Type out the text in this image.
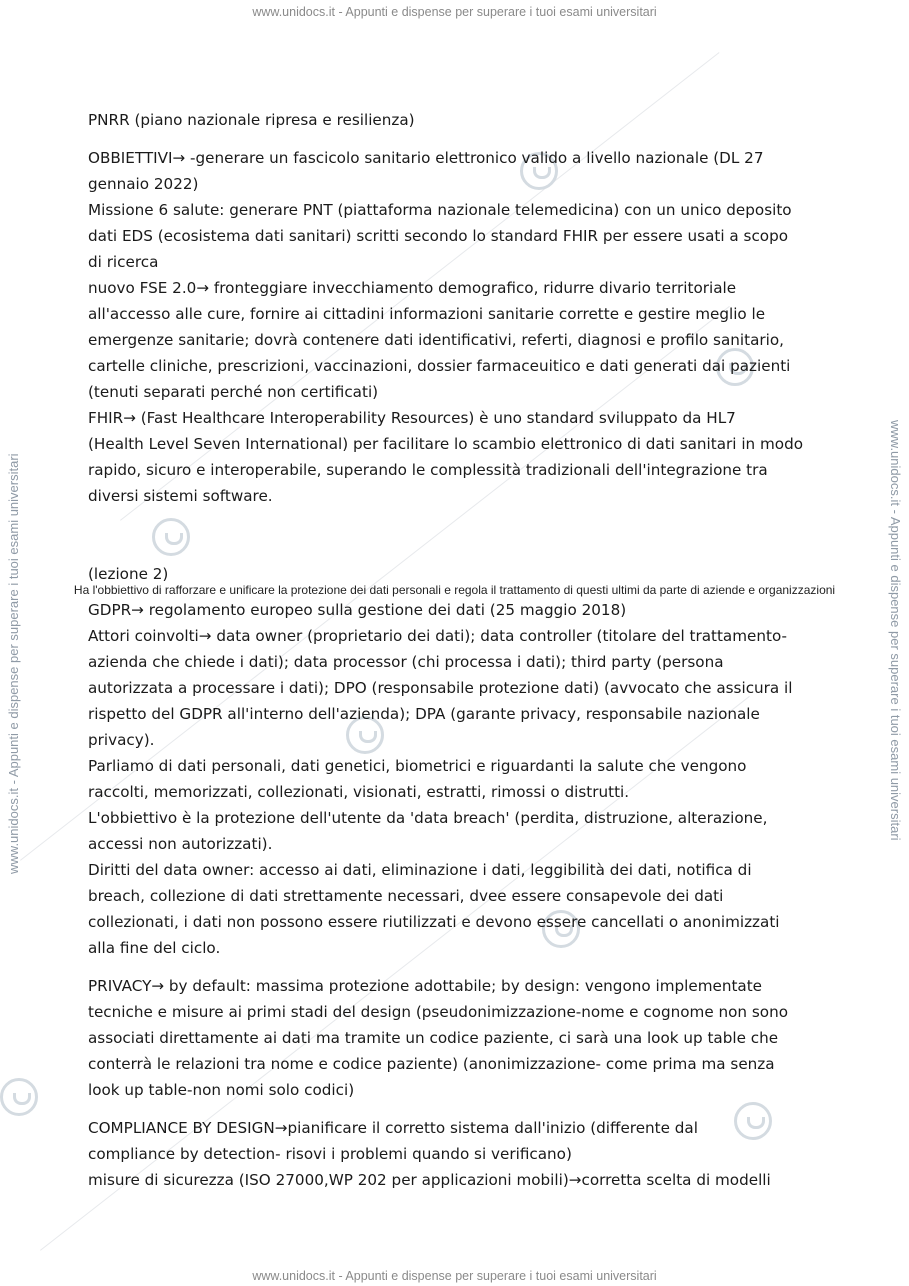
www.unidocs.it - Appunti e dispense per superare i tuoi esami universitari
www.unidocs.it - Appunti e dispense per superare i tuoi esami universitari	www.unidocs.it - Appunti e dispense per superare i tuoi esami universitari

PNRR (piano nazionale ripresa e resilienza)

OBBIETTIVI→ -generare un fascicolo sanitario elettronico valido a livello nazionale (DL 27
gennaio 2022)
Missione 6 salute: generare PNT (piattaforma nazionale telemedicina) con un unico deposito
dati EDS (ecosistema dati sanitari) scritti secondo lo standard FHIR per essere usati a scopo
di ricerca
nuovo FSE 2.0→ fronteggiare invecchiamento demografico, ridurre divario territoriale
all'accesso alle cure, fornire ai cittadini informazioni sanitarie corrette e gestire meglio le
emergenze sanitarie; dovrà contenere dati identificativi, referti, diagnosi e profilo sanitario,
cartelle cliniche, prescrizioni, vaccinazioni, dossier farmaceuitico e dati generati dai pazienti
(tenuti separati perché non certificati)
FHIR→ (Fast Healthcare Interoperability Resources) è uno standard sviluppato da HL7
(Health Level Seven International) per facilitare lo scambio elettronico di dati sanitari in modo
rapido, sicuro e interoperabile, superando le complessità tradizionali dell'integrazione tra
diversi sistemi software.

(lezione 2)

GDPR→ regolamento europeo sulla gestione dei dati (25 maggio 2018)
Attori coinvolti→ data owner (proprietario dei dati); data controller (titolare del trattamento-
azienda che chiede i dati); data processor (chi processa i dati); third party (persona
autorizzata a processare i dati); DPO (responsabile protezione dati) (avvocato che assicura il
rispetto del GDPR all'interno dell'azienda); DPA (garante privacy, responsabile nazionale
privacy).
Parliamo di dati personali, dati genetici, biometrici e riguardanti la salute che vengono
raccolti, memorizzati, collezionati, visionati, estratti, rimossi o distrutti.
L'obbiettivo è la protezione dell'utente da 'data breach' (perdita, distruzione, alterazione,
accessi non autorizzati).
Diritti del data owner: accesso ai dati, eliminazione i dati, leggibilità dei dati, notifica di
breach, collezione di dati strettamente necessari, dvee essere consapevole dei dati
collezionati, i dati non possono essere riutilizzati e devono essere cancellati o anonimizzati
alla fine del ciclo.

PRIVACY→ by default: massima protezione adottabile; by design: vengono implementate
tecniche e misure ai primi stadi del design (pseudonimizzazione-nome e cognome non sono
associati direttamente ai dati ma tramite un codice paziente, ci sarà una look up table che
conterrà le relazioni tra nome e codice paziente) (anonimizzazione- come prima ma senza
look up table-non nomi solo codici)

COMPLIANCE BY DESIGN→pianificare il corretto sistema dall'inizio (differente dal
compliance by detection- risovi i problemi quando si verificano)
misure di sicurezza (ISO 27000,WP 202 per applicazioni mobili)→corretta scelta di modelli

Ha l'obbiettivo di rafforzare e unificare la protezione dei dati personali e regola il trattamento di questi ultimi da parte di aziende e organizzazioni
www.unidocs.it - Appunti e dispense per superare i tuoi esami universitari
